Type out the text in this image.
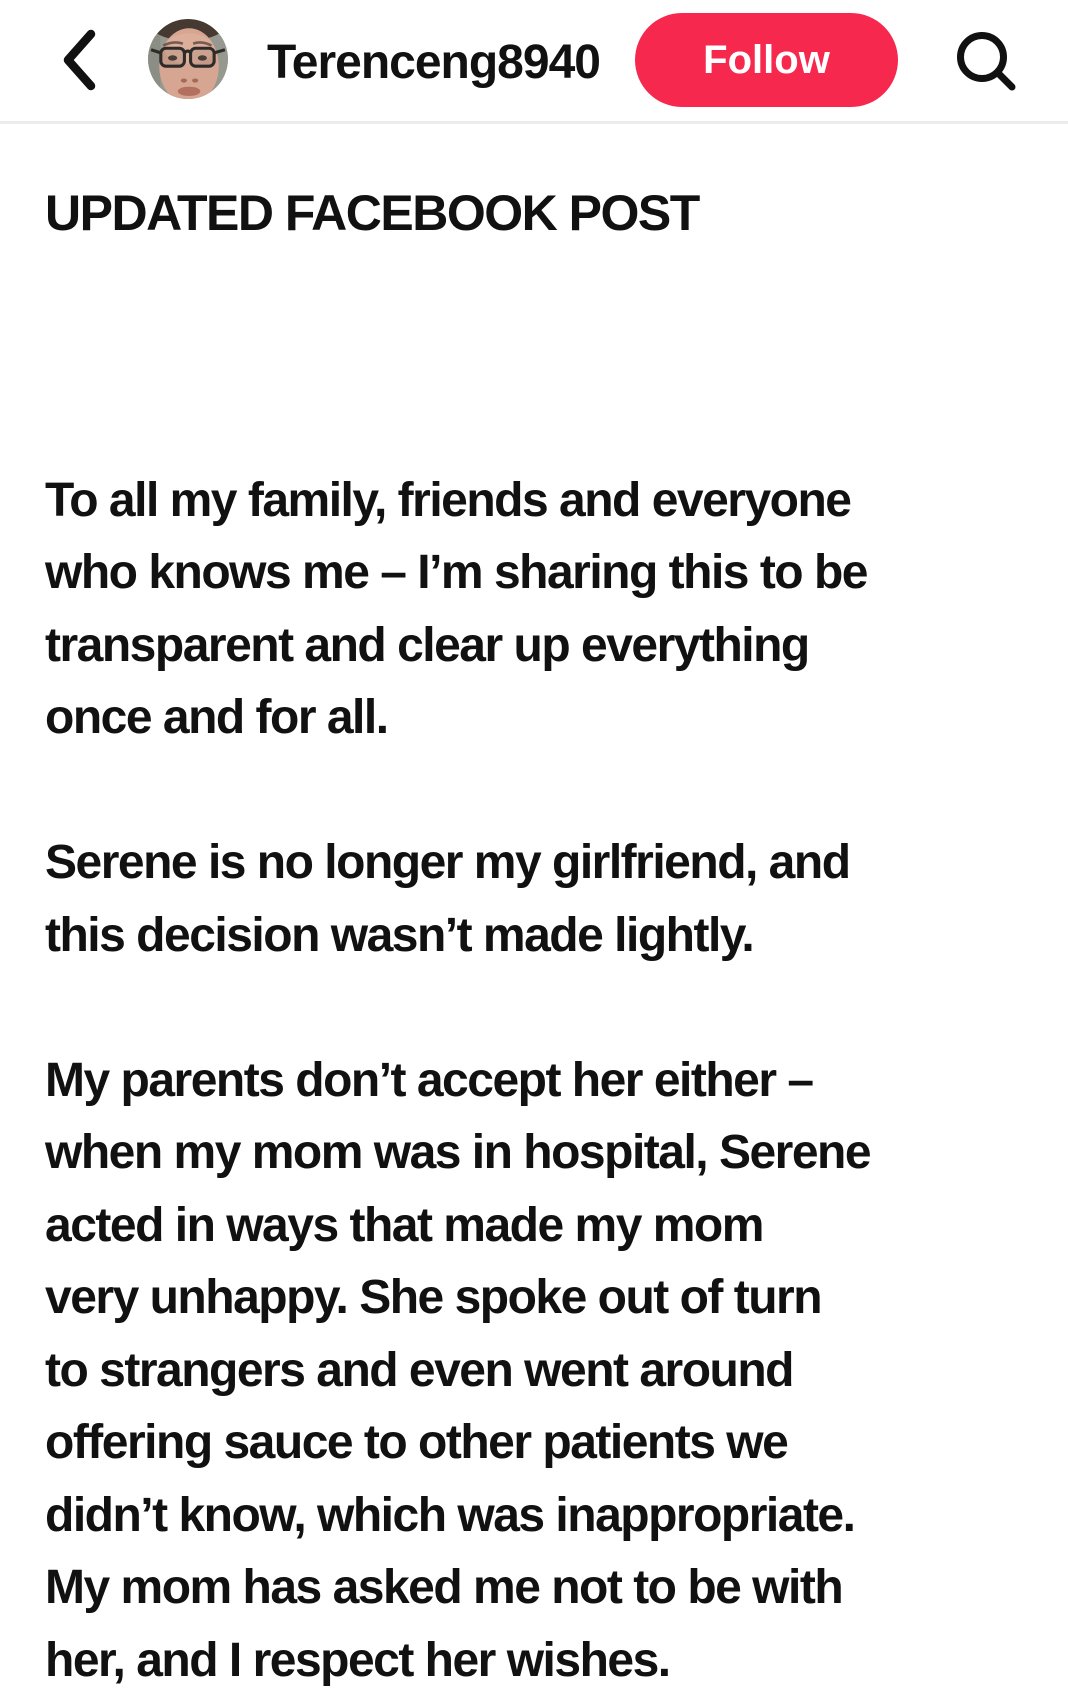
Terenceng8940	Follow
UPDATED FACEBOOK POST
To all my family, friends and everyone
who knows me – I’m sharing this to be
transparent and clear up everything
once and for all.
Serene is no longer my girlfriend, and
this decision wasn’t made lightly.
My parents don’t accept her either –
when my mom was in hospital, Serene
acted in ways that made my mom
very unhappy. She spoke out of turn
to strangers and even went around
offering sauce to other patients we
didn’t know, which was inappropriate.
My mom has asked me not to be with
her, and I respect her wishes.
